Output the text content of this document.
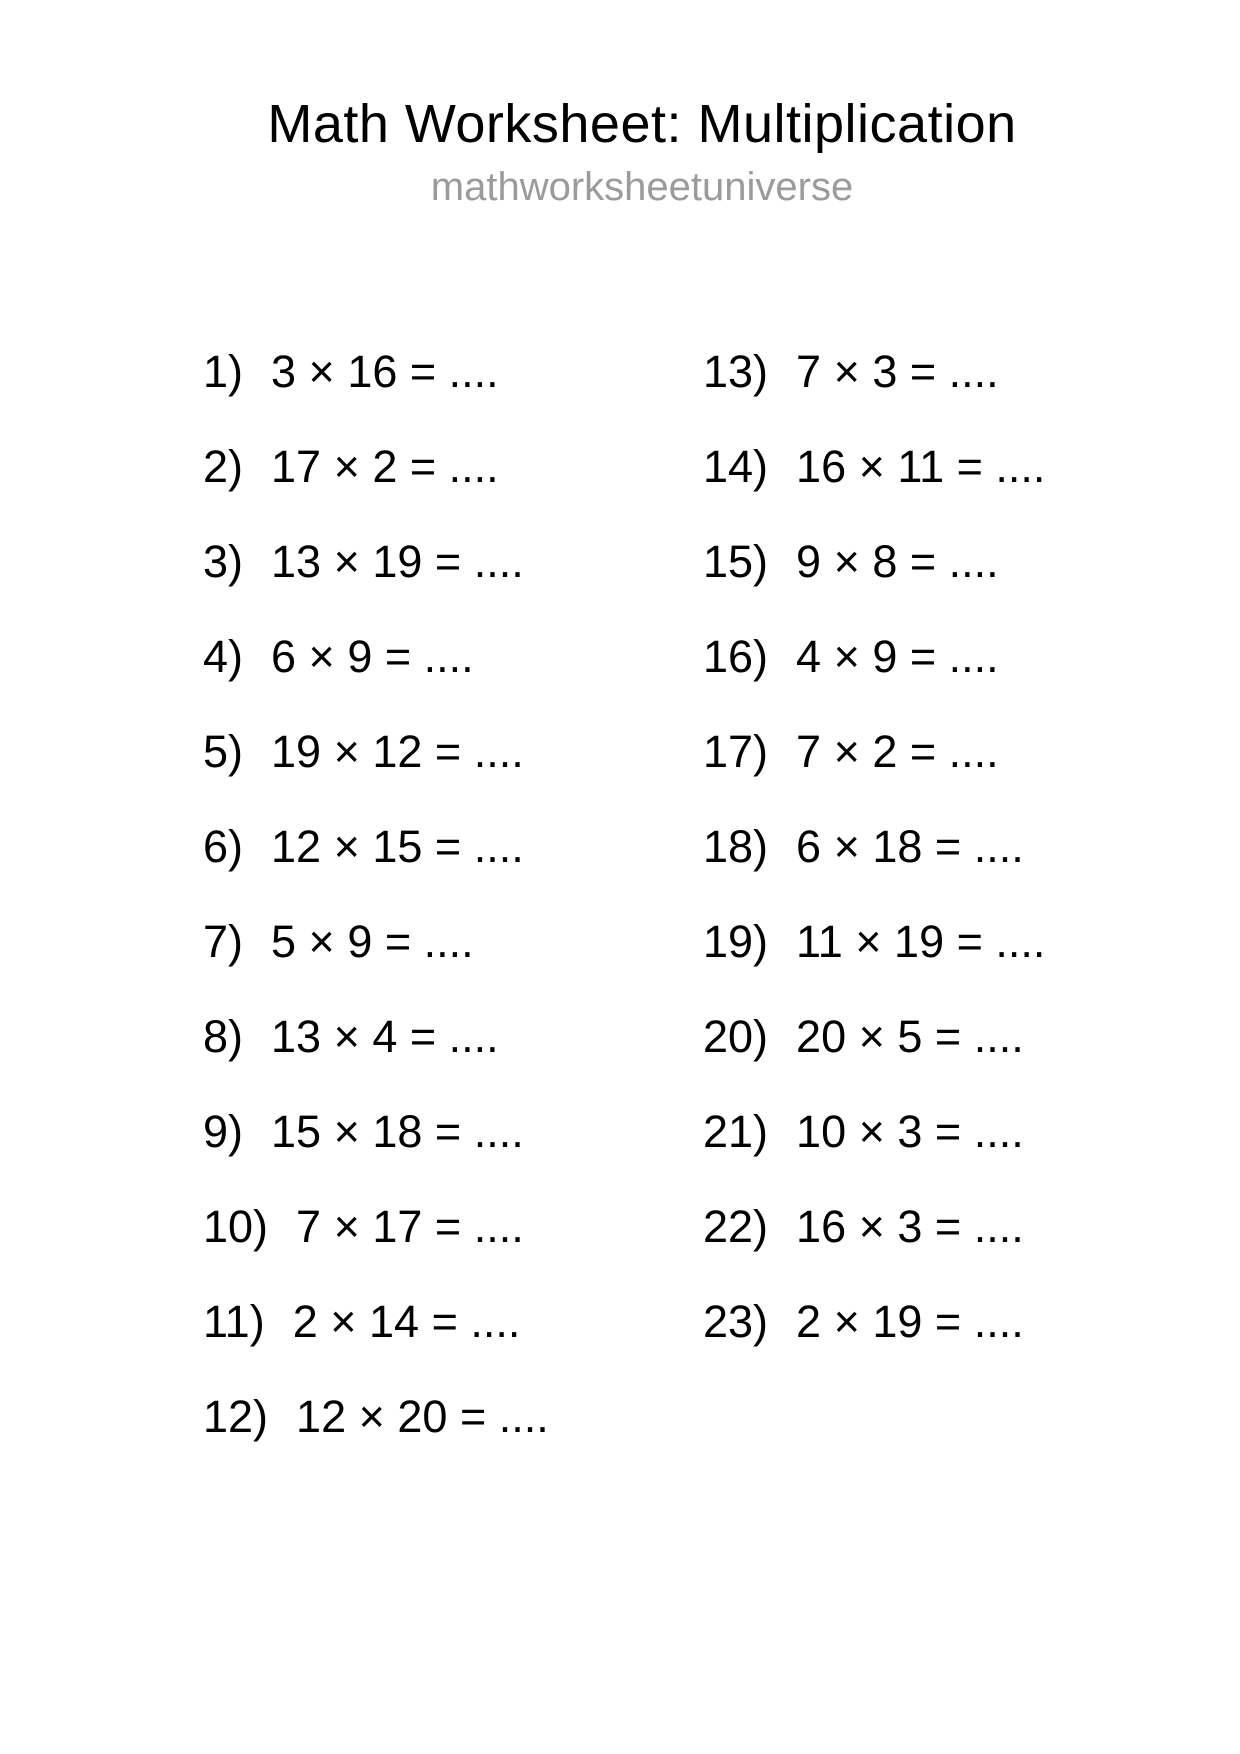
Math Worksheet: Multiplication
mathworksheetuniverse
1) 3 × 16 = ....
2) 17 × 2 = ....
3) 13 × 19 = ....
4) 6 × 9 = ....
5) 19 × 12 = ....
6) 12 × 15 = ....
7) 5 × 9 = ....
8) 13 × 4 = ....
9) 15 × 18 = ....
10) 7 × 17 = ....
11) 2 × 14 = ....
12) 12 × 20 = ....
13) 7 × 3 = ....
14) 16 × 11 = ....
15) 9 × 8 = ....
16) 4 × 9 = ....
17) 7 × 2 = ....
18) 6 × 18 = ....
19) 11 × 19 = ....
20) 20 × 5 = ....
21) 10 × 3 = ....
22) 16 × 3 = ....
23) 2 × 19 = ....
